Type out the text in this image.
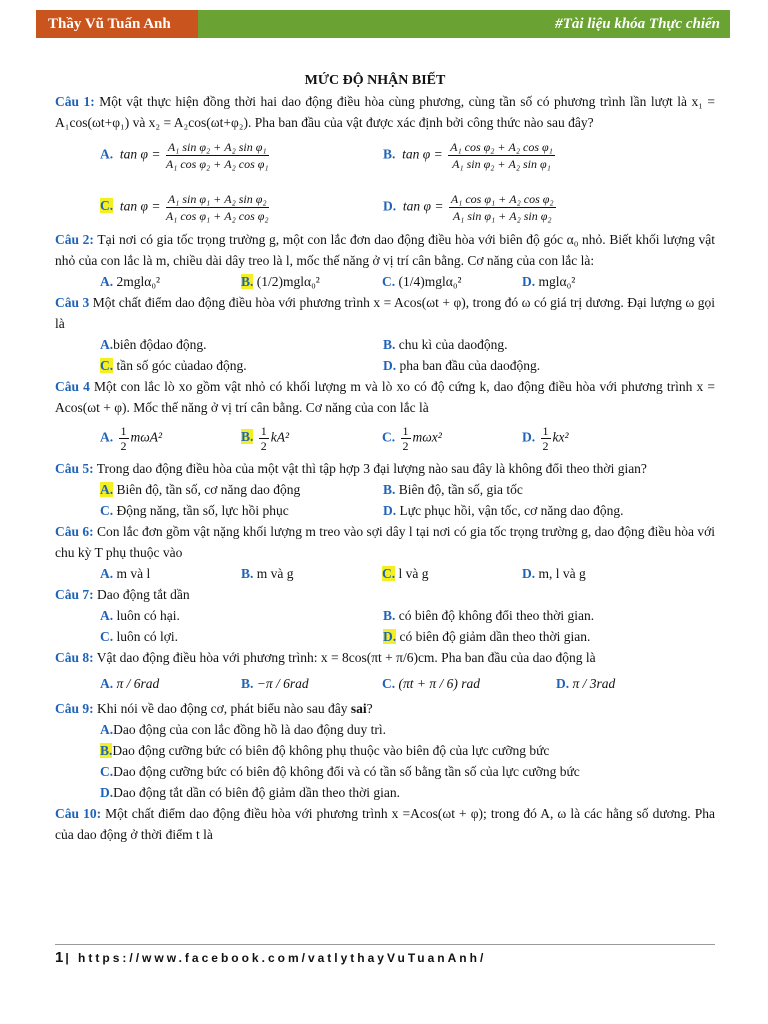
Thầy Vũ Tuấn Anh	#Tài liệu khóa Thực chiến
MỨC ĐỘ NHẬN BIẾT
Câu 1: Một vật thực hiện đồng thời hai dao động điều hòa cùng phương, cùng tần số có phương trình lần lượt là x₁ = A₁cos(ωt+φ₁) và x₂ = A₂cos(ωt+φ₂). Pha ban đầu của vật được xác định bởi công thức nào sau đây?
A. $\tan \varphi = \frac{\text{A₁ sin φ₂ + A₂ sin φ₁}}{\text{A₁ cos φ₂ + A₂ cos φ₁}}$	B. $\tan \varphi = \frac{\text{A₁ cos φ₂ + A₂ cos φ₁}}{\text{A₁ sin φ₂ + A₂ sin φ₁}}$
C. $\tan \varphi = \frac{\text{A₁ sin φ₁ + A₂ sin φ₂}}{\text{A₁ cos φ₁ + A₂ cos φ₂}}$	D. $\tan \varphi = \frac{\text{A₁ cos φ₁ + A₂ cos φ₂}}{\text{A₁ sin φ₁ + A₂ sin φ₂}}$
Câu 2: Tại nơi có gia tốc trọng trường g, một con lắc đơn dao động điều hòa với biên độ góc α₀ nhỏ. Biết khối lượng vật nhỏ của con lắc là m, chiều dài dây treo là l, mốc thế năng ở vị trí cân bằng. Cơ năng của con lắc là:
A. 2mglα₀²	B. (1/2)mglα₀²	C. (1/4)mglα₀²	D. mglα₀²
Câu 3 Một chất điểm dao động điều hòa với phương trình x = Acos(ωt + φ), trong đó ω có giá trị dương. Đại lượng ω gọi là
A.biên độdao động.	B. chu kì của daođộng.
C. tần số góc củadao động.	D. pha ban đầu của daođộng.
Câu 4 Một con lắc lò xo gồm vật nhỏ có khối lượng m và lò xo có độ cứng k, dao động điều hòa với phương trình x = Acos(ωt + φ). Mốc thế năng ở vị trí cân bằng. Cơ năng của con lắc là
A. $\frac{1}{2} m\omega A^2$	B. $\frac{1}{2} kA^2$	C. $\frac{1}{2} m\omega x^2$	D. $\frac{1}{2} kx^2$
Câu 5: Trong dao động điều hòa của một vật thì tập hợp 3 đại lượng nào sau đây là không đổi theo thời gian?
A. Biên độ, tần số, cơ năng dao động	B. Biên độ, tần số, gia tốc
C. Động năng, tần số, lực hồi phục	D. Lực phục hồi, vận tốc, cơ năng dao động.
Câu 6: Con lắc đơn gồm vật nặng khối lượng m treo vào sợi dây l tại nơi có gia tốc trọng trường g, dao động điều hòa với chu kỳ T phụ thuộc vào
A. m và l	B. m và g	C. l và g	D. m, l và g
Câu 7: Dao động tắt dần
A. luôn có hại.	B. có biên độ không đổi theo thời gian.
C. luôn có lợi.	D. có biên độ giảm dần theo thời gian.
Câu 8: Vật dao động điều hòa với phương trình: x = 8cos(πt + π/6)cm. Pha ban đầu của dao động là
A. π / 6rad	B. −π / 6rad	C. (πt + π / 6) rad	D. π / 3rad
Câu 9: Khi nói về dao động cơ, phát biểu nào sau đây sai?
A.Dao động của con lắc đồng hồ là dao động duy trì.
B.Dao động cưỡng bức có biên độ không phụ thuộc vào biên độ của lực cưỡng bức
C.Dao động cưỡng bức có biên độ không đổi và có tần số bằng tần số của lực cưỡng bức
D.Dao động tắt dần có biên độ giảm dần theo thời gian.
Câu 10: Một chất điểm dao động điều hòa với phương trình x =Acos(ωt + φ); trong đó A, ω là các hằng số dương. Pha của dao động ở thời điểm t là
1 | https://www.facebook.com/vatlythayVuTuanAnh/
